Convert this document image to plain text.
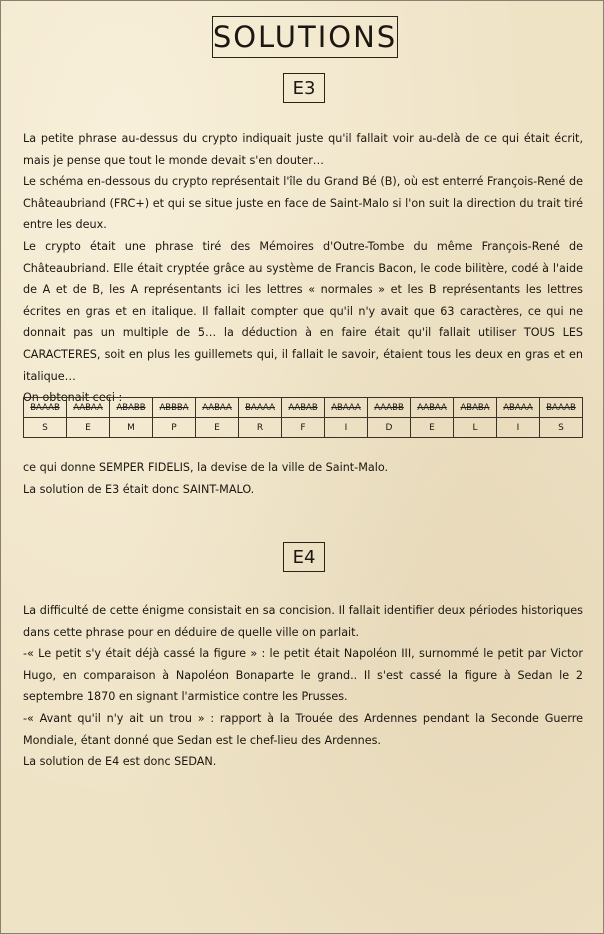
SOLUTIONS
E3

La petite phrase au-dessus du crypto indiquait juste qu'il fallait voir au-delà de ce qui était écrit, mais je pense que tout le monde devait s'en douter…

Le schéma en-dessous du crypto représentait l'île du Grand Bé (B), où est enterré François-René de Châteaubriand (FRC+) et qui se situe juste en face de Saint-Malo si l'on suit la direction du trait tiré entre les deux.

Le crypto était une phrase tiré des Mémoires d'Outre-Tombe du même François-René de Châteaubriand. Elle était cryptée grâce au système de Francis Bacon, le code bilitère, codé à l'aide de A et de B, les A représentants ici les lettres « normales » et les B représentants les lettres écrites en gras et en italique. Il fallait compter que qu'il n'y avait que 63 caractères, ce qui ne donnait pas un multiple de 5… la déduction à en faire était qu'il fallait utiliser TOUS LES CARACTERES, soit en plus les guillemets qui, il fallait le savoir, étaient tous les deux en gras et en italique…

On obtenait ceci :

BAAAB	AABAA	ABABB	ABBBA	AABAA	BAAAA	AABAB	ABAAA	AAABB	AABAA	ABABA	ABAAA	BAAAB
S	E	M	P	E	R	F	I	D	E	L	I	S

ce qui donne SEMPER FIDELIS, la devise de la ville de Saint-Malo.

La solution de E3 était donc SAINT-MALO.

E4

La difficulté de cette énigme consistait en sa concision. Il fallait identifier deux périodes historiques dans cette phrase pour en déduire de quelle ville on parlait.

-« Le petit s'y était déjà cassé la figure » : le petit était Napoléon III, surnommé le petit par Victor Hugo, en comparaison à Napoléon Bonaparte le grand.. Il s'est cassé la figure à Sedan le 2 septembre 1870 en signant l'armistice contre les Prusses.

-« Avant qu'il n'y ait un trou » : rapport à la Trouée des Ardennes pendant la Seconde Guerre Mondiale, étant donné que Sedan est le chef-lieu des Ardennes.

La solution de E4 est donc SEDAN.
